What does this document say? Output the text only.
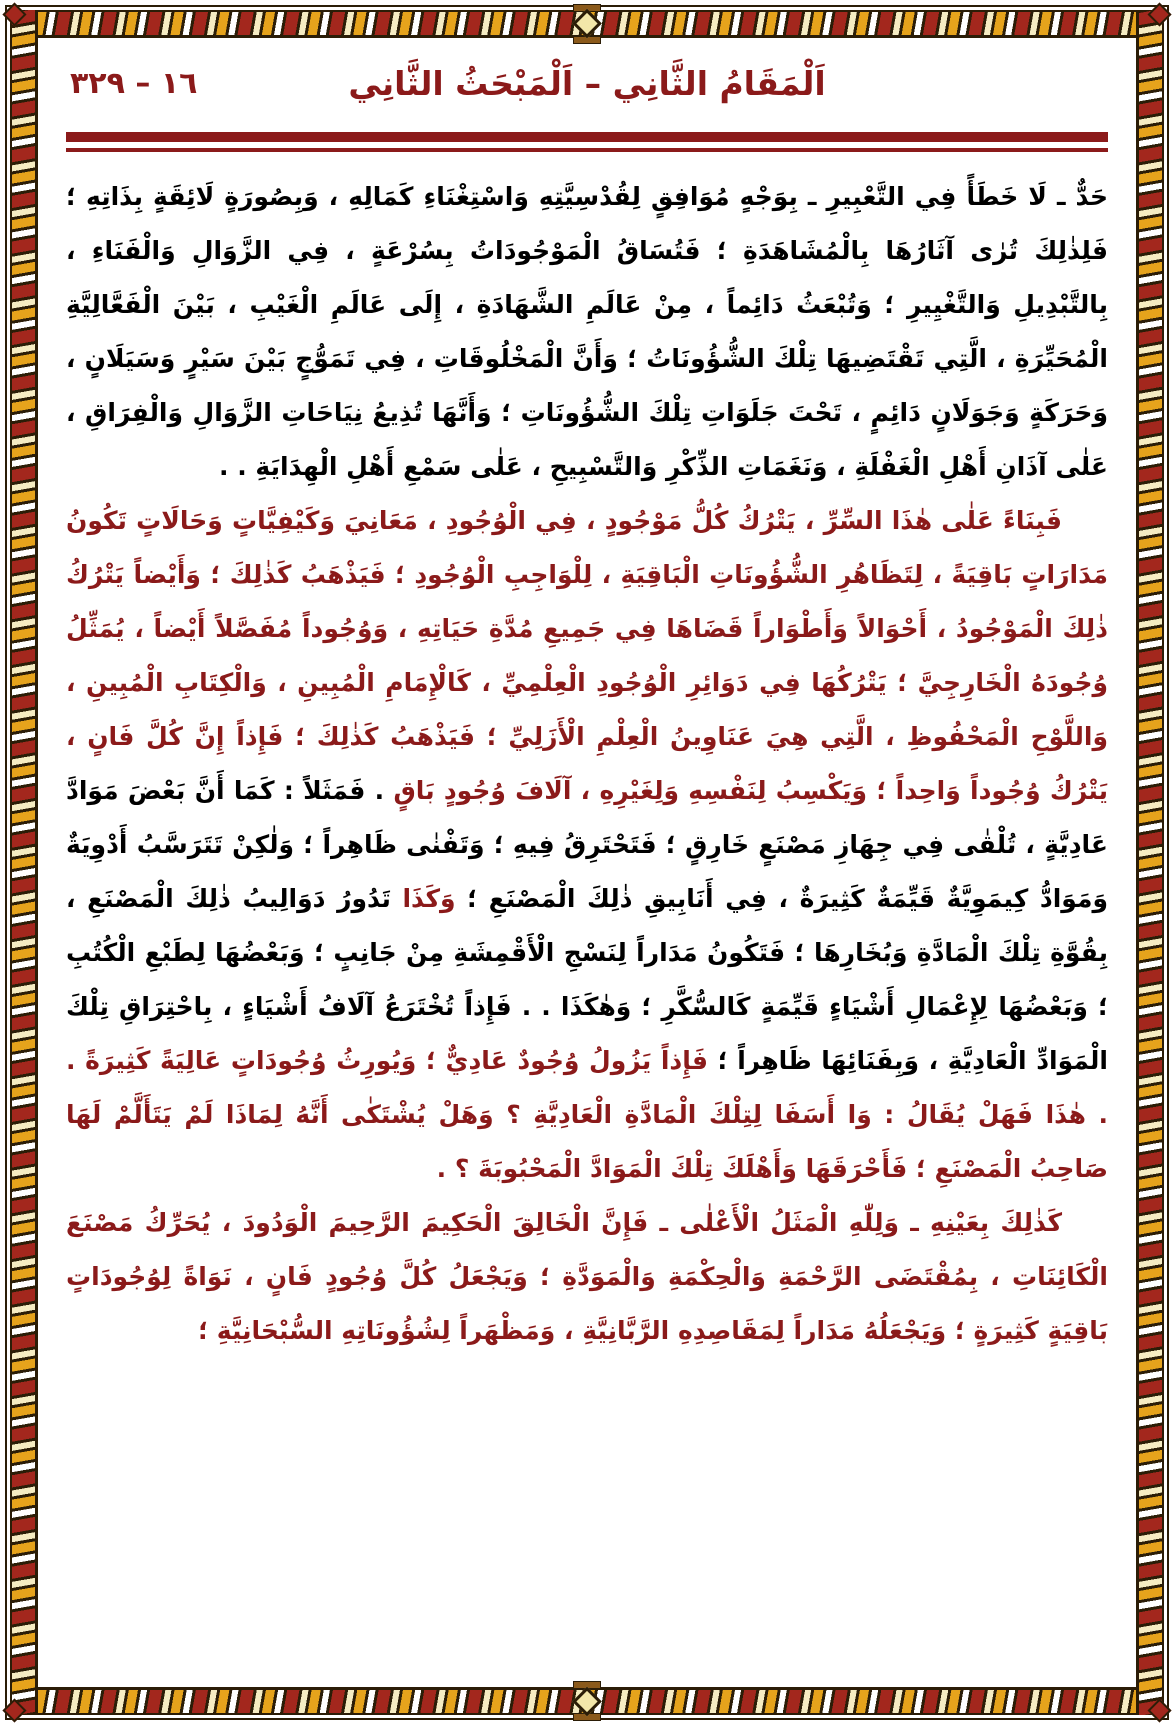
١٦ – ٣٢٩	اَلْمَقَامُ الثَّانِي – اَلْمَبْحَثُ الثَّانِي

حَدٌّ ـ لَا خَطَأً فِي التَّعْبِيرِ ـ بِوَجْهٍ مُوَافِقٍ لِقُدْسِيَّتِهِ وَاسْتِغْنَاءِ كَمَالِهِ ، وَبِصُورَةٍ لَائِقَةٍ بِذَاتِهِ ؛ فَلِذٰلِكَ تُرٰى آثَارُهَا بِالْمُشَاهَدَةِ ؛ فَتُسَاقُ الْمَوْجُودَاتُ بِسُرْعَةٍ ، فِي الزَّوَالِ وَالْفَنَاءِ ، بِالتَّبْدِيلِ وَالتَّغْيِيرِ ؛ وَتُبْعَثُ دَائِماً ، مِنْ عَالَمِ الشَّهَادَةِ ، إِلَى عَالَمِ الْغَيْبِ ، بَيْنَ الْفَعَّالِيَّةِ الْمُحَيِّرَةِ ، الَّتِي تَقْتَضِيهَا تِلْكَ الشُّؤُونَاتُ ؛ وَأَنَّ الْمَخْلُوقَاتِ ، فِي تَمَوُّجٍ بَيْنَ سَيْرٍ وَسَيَلَانٍ ، وَحَرَكَةٍ وَجَوَلَانٍ دَائِمٍ ، تَحْتَ جَلَوَاتِ تِلْكَ الشُّؤُونَاتِ ؛ وَأَنَّهَا تُذِيعُ نِيَاحَاتِ الزَّوَالِ وَالْفِرَاقِ ، عَلٰى آذَانِ أَهْلِ الْغَفْلَةِ ، وَنَغَمَاتِ الذِّكْرِ وَالتَّسْبِيحِ ، عَلٰى سَمْعِ أَهْلِ الْهِدَايَةِ . .

فَبِنَاءً عَلٰى هٰذَا السِّرِّ ، يَتْرُكُ كُلُّ مَوْجُودٍ ، فِي الْوُجُودِ ، مَعَانِيَ وَكَيْفِيَّاتٍ وَحَالَاتٍ تَكُونُ مَدَارَاتٍ بَاقِيَةً ، لِتَظَاهُرِ الشُّؤُونَاتِ الْبَاقِيَةِ ، لِلْوَاجِبِ الْوُجُودِ ؛ فَيَذْهَبُ كَذٰلِكَ ؛ وَأَيْضاً يَتْرُكُ ذٰلِكَ الْمَوْجُودُ ، أَحْوَالاً وَأَطْوَاراً قَضَاهَا فِي جَمِيعِ مُدَّةِ حَيَاتِهِ ، وَوُجُوداً مُفَصَّلاً أَيْضاً ، يُمَثِّلُ وُجُودَهُ الْخَارِجِيَّ ؛ يَتْرُكُهَا فِي دَوَائِرِ الْوُجُودِ الْعِلْمِيِّ ، كَالْإِمَامِ الْمُبِينِ ، وَالْكِتَابِ الْمُبِينِ ، وَاللَّوْحِ الْمَحْفُوظِ ، الَّتِي هِيَ عَنَاوِينُ الْعِلْمِ الْأَزَلِيِّ ؛ فَيَذْهَبُ كَذٰلِكَ ؛ فَإِذاً إِنَّ كُلَّ فَانٍ ، يَتْرُكُ وُجُوداً وَاحِداً ؛ وَيَكْسِبُ لِنَفْسِهِ وَلِغَيْرِهِ ، آلَافَ وُجُودٍ بَاقٍ . فَمَثَلاً : كَمَا أَنَّ بَعْضَ مَوَادَّ عَادِيَّةٍ ، تُلْقٰى فِي جِهَازِ مَصْنَعٍ خَارِقٍ ؛ فَتَحْتَرِقُ فِيهِ ؛ وَتَفْنٰى ظَاهِراً ؛ وَلٰكِنْ تَتَرَسَّبُ أَدْوِيَةٌ وَمَوَادُّ كِيمَوِيَّةٌ قَيِّمَةٌ كَثِيرَةٌ ، فِي أَنَابِيقِ ذٰلِكَ الْمَصْنَعِ ؛ وَكَذَا تَدُورُ دَوَالِيبُ ذٰلِكَ الْمَصْنَعِ ، بِقُوَّةِ تِلْكَ الْمَادَّةِ وَبُخَارِهَا ؛ فَتَكُونُ مَدَاراً لِنَسْجِ الْأَقْمِشَةِ مِنْ جَانِبٍ ؛ وَبَعْضُهَا لِطَبْعِ الْكُتُبِ ؛ وَبَعْضُهَا لِإِعْمَالِ أَشْيَاءٍ قَيِّمَةٍ كَالسُّكَّرِ ؛ وَهٰكَذَا . . فَإِذاً تُخْتَرَعُ آلَافُ أَشْيَاءٍ ، بِاحْتِرَاقِ تِلْكَ الْمَوَادِّ الْعَادِيَّةِ ، وَبِفَنَائِهَا ظَاهِراً ؛ فَإِذاً يَزُولُ وُجُودٌ عَادِيٌّ ؛ وَيُورِثُ وُجُودَاتٍ عَالِيَةً كَثِيرَةً . . هٰذَا فَهَلْ يُقَالُ : وَا أَسَفَا لِتِلْكَ الْمَادَّةِ الْعَادِيَّةِ ؟ وَهَلْ يُشْتَكٰى أَنَّهُ لِمَاذَا لَمْ يَتَأَلَّمْ لَهَا صَاحِبُ الْمَصْنَعِ ؛ فَأَحْرَقَهَا وَأَهْلَكَ تِلْكَ الْمَوَادَّ الْمَحْبُوبَةَ ؟ .

كَذٰلِكَ بِعَيْنِهِ ـ وَلِلّٰهِ الْمَثَلُ الْأَعْلٰى ـ فَإِنَّ الْخَالِقَ الْحَكِيمَ الرَّحِيمَ الْوَدُودَ ، يُحَرِّكُ مَصْنَعَ الْكَائِنَاتِ ، بِمُقْتَضَى الرَّحْمَةِ وَالْحِكْمَةِ وَالْمَوَدَّةِ ؛ وَيَجْعَلُ كُلَّ وُجُودٍ فَانٍ ، نَوَاةً لِوُجُودَاتٍ بَاقِيَةٍ كَثِيرَةٍ ؛ وَيَجْعَلُهُ مَدَاراً لِمَقَاصِدِهِ الرَّبَّانِيَّةِ ، وَمَظْهَراً لِشُؤُونَاتِهِ السُّبْحَانِيَّةِ ؛
